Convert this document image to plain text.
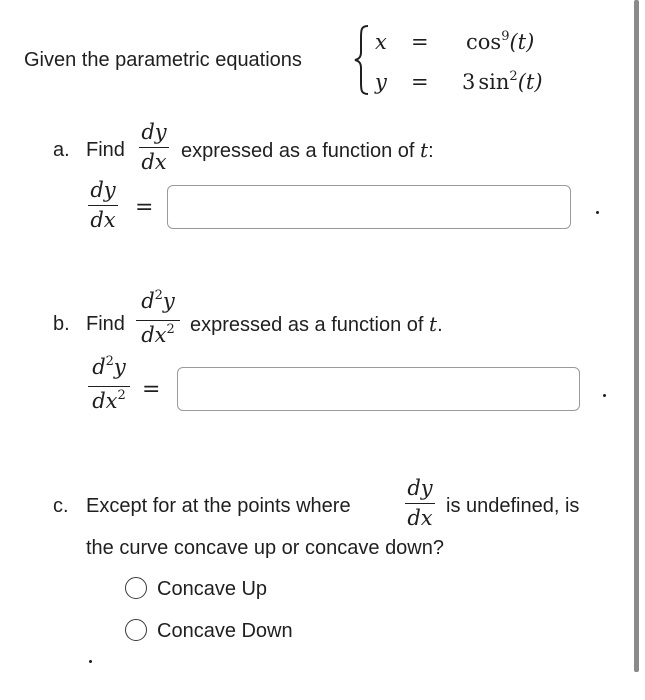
Given the parametric equations
x
y
=
=
$\cos^9(t)$
3 $\sin^2(t)$
a. Find
dy
dx expressed as a function of t:
dy
dx
=
b. Find
$d^2y$
$dx^2$ expressed as a function of t.
$d^2y$
$dx^2$ =
c. Except for at the points where
dy
dx
is undefined, is
the curve concave up or concave down?
Concave Up
Concave Down
